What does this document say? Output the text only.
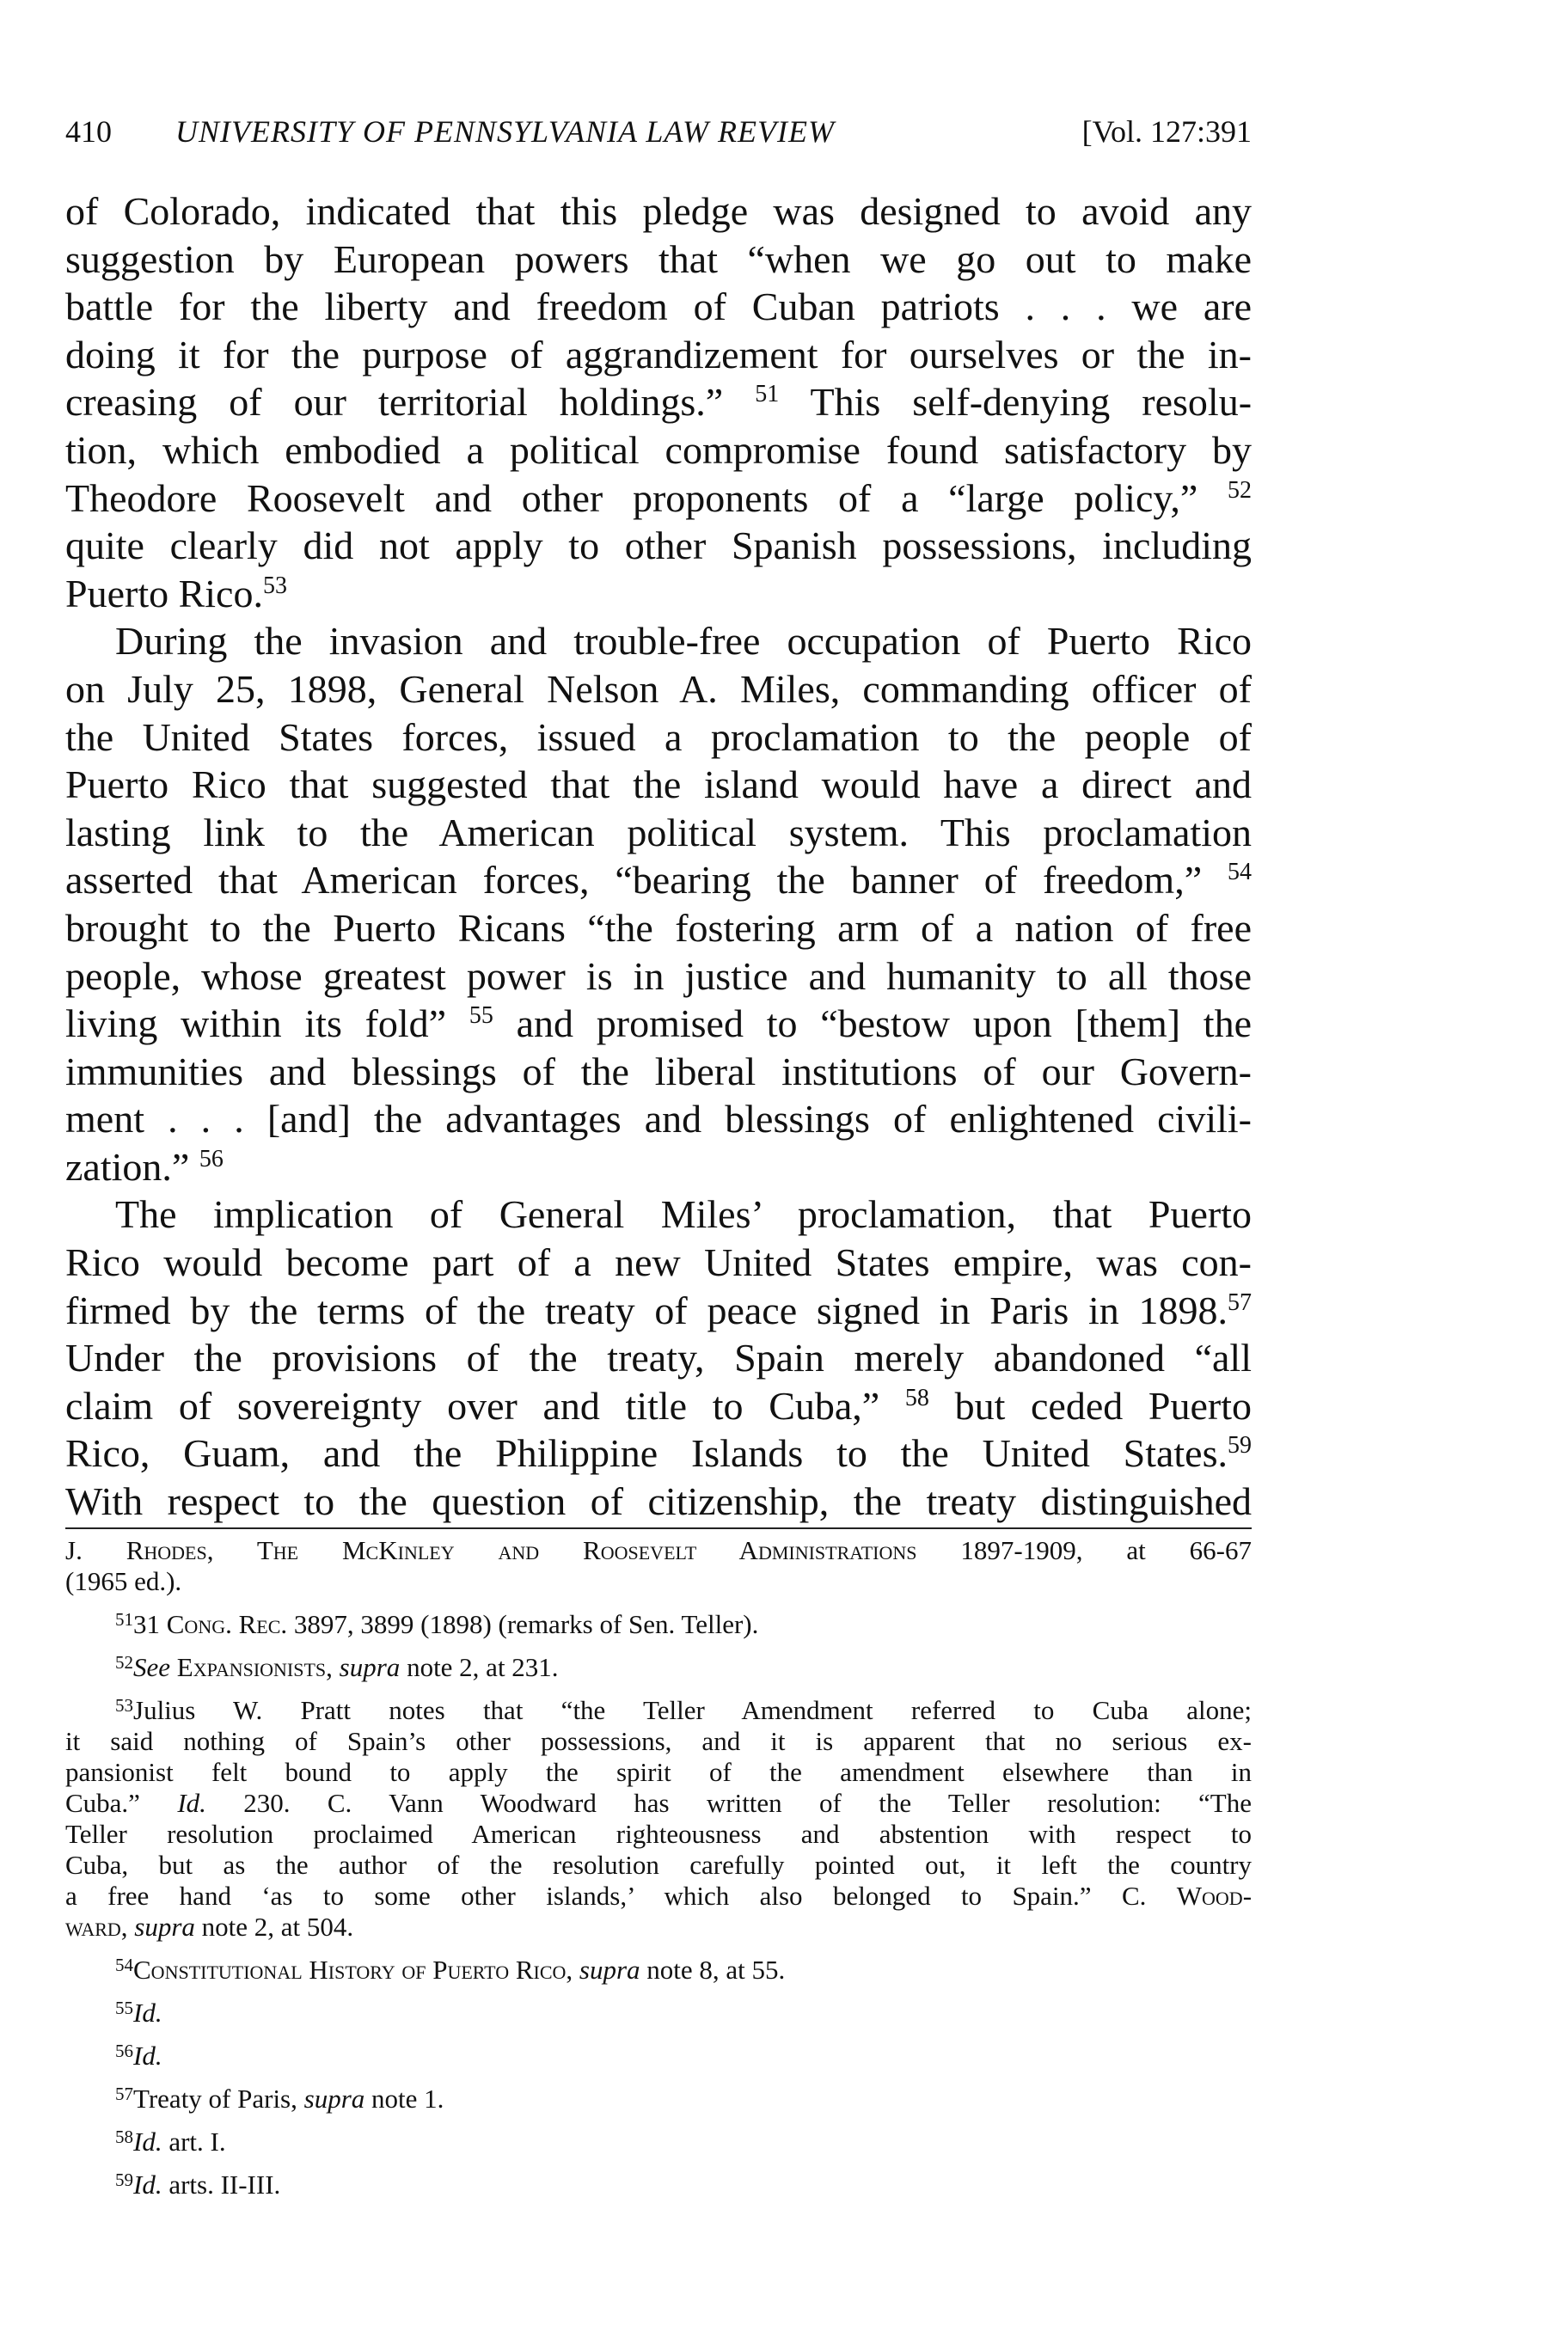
410 UNIVERSITY OF PENNSYLVANIA LAW REVIEW	[Vol. 127:391
of Colorado, indicated that this pledge was designed to avoid any
suggestion by European powers that “when we go out to make
battle for the liberty and freedom of Cuban patriots . . . we are
doing it for the purpose of aggrandizement for ourselves or the in-
creasing of our territorial holdings.” $^{51}$ This self-denying resolu-
tion, which embodied a political compromise found satisfactory by
Theodore Roosevelt and other proponents of a “large policy,” $^{52}$
quite clearly did not apply to other Spanish possessions, including
Puerto Rico.$^{53}$
During the invasion and trouble-free occupation of Puerto Rico
on July 25, 1898, General Nelson A. Miles, commanding officer of
the United States forces, issued a proclamation to the people of
Puerto Rico that suggested that the island would have a direct and
lasting link to the American political system. This proclamation
asserted that American forces, “bearing the banner of freedom,” $^{54}$
brought to the Puerto Ricans “the fostering arm of a nation of free
people, whose greatest power is in justice and humanity to all those
living within its fold” $^{55}$ and promised to “bestow upon [them] the
immunities and blessings of the liberal institutions of our Govern-
ment . . . [and] the advantages and blessings of enlightened civili-
zation.” $^{56}$
The implication of General Miles’ proclamation, that Puerto
Rico would become part of a new United States empire, was con-
firmed by the terms of the treaty of peace signed in Paris in 1898.57
Under the provisions of the treaty, Spain merely abandoned “all
claim of sovereignty over and title to Cuba,” $^{58}$ but ceded Puerto
Rico, Guam, and the Philippine Islands to the United States.$^{59}$
With respect to the question of citizenship, the treaty distinguished
J. Rhodes, The McKinley and Roosevelt Administrations 1897-1909, at 66-67
(1965 ed.).
$^{51}$31 Cong. Rec. 3897, 3899 (1898) (remarks of Sen. Teller).
$^{52}$See Expansionists, supra note 2, at 231.
$^{53}$Julius W. Pratt notes that “the Teller Amendment referred to Cuba alone;
it said nothing of Spain’s other possessions, and it is apparent that no serious ex-
pansionist felt bound to apply the spirit of the amendment elsewhere than in
Cuba.” Id. 230. C. Vann Woodward has written of the Teller resolution: “The
Teller resolution proclaimed American righteousness and abstention with respect to
Cuba, but as the author of the resolution carefully pointed out, it left the country
a free hand ‘as to some other islands,’ which also belonged to Spain.” C. Wood-
ward, supra note 2, at 504.
$^{54}$Constitutional History of Puerto Rico, supra note 8, at 55.
$^{55}$Id.
$^{56}$Id.
$^{57}$Treaty of Paris, supra note 1.
$^{58}$Id. art. I.
$^{59}$Id. arts. II-III.
